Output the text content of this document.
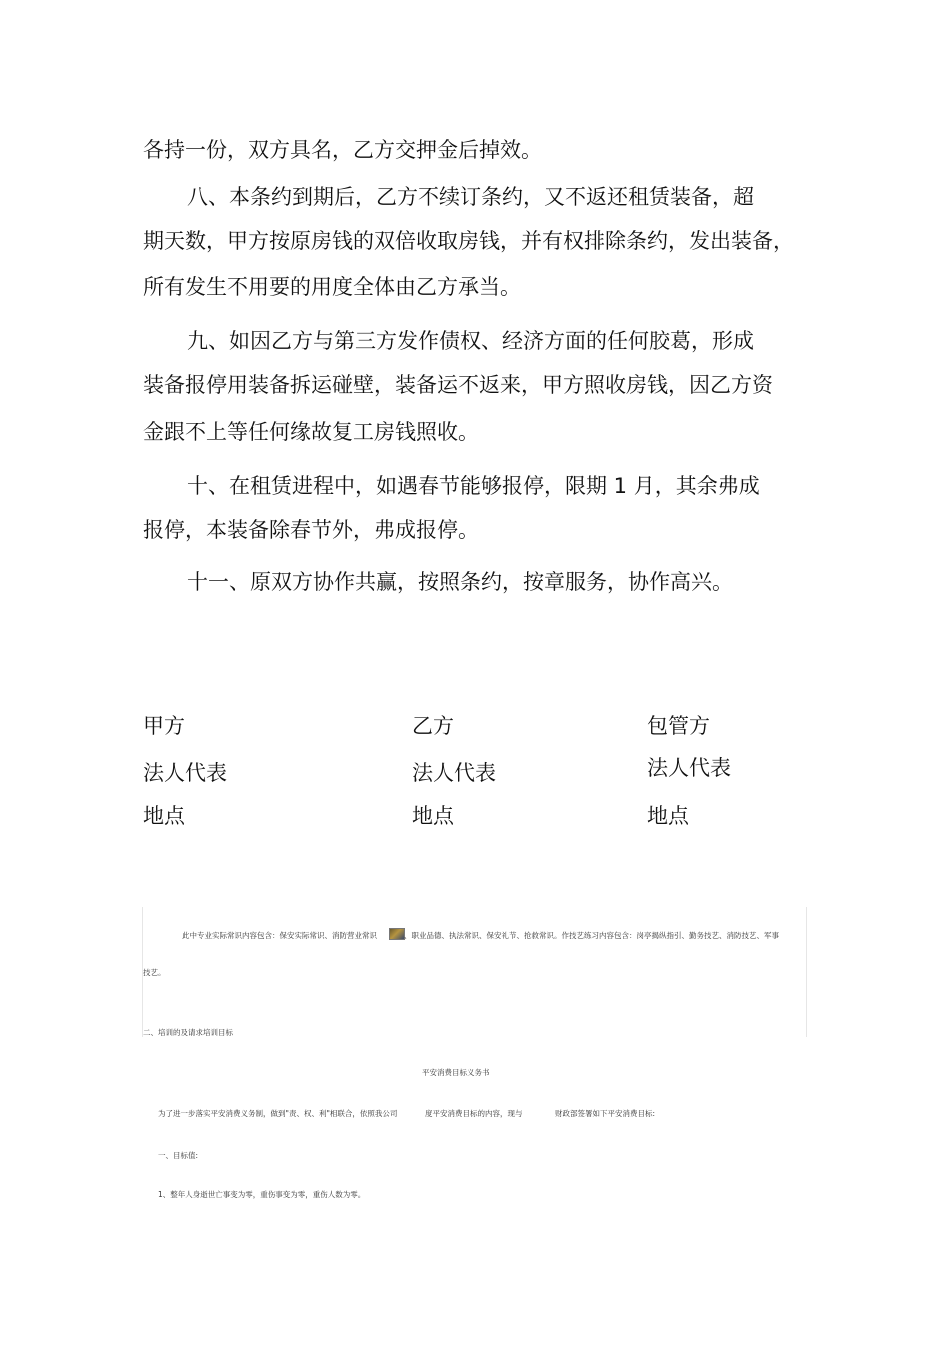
各持一份，双方具名，乙方交押金后掉效。
八、本条约到期后，乙方不续订条约，又不返还租赁装备，超
期天数，甲方按原房钱的双倍收取房钱，并有权排除条约，发出装备，
所有发生不用要的用度全体由乙方承当。
九、如因乙方与第三方发作债权、经济方面的任何胶葛，形成
装备报停用装备拆运碰壁，装备运不返来，甲方照收房钱，因乙方资
金跟不上等任何缘故复工房钱照收。
十、在租赁进程中，如遇春节能够报停，限期 1 月，其余弗成
报停，本装备除春节外，弗成报停。
十一、原双方协作共赢，按照条约，按章服务，协作高兴。
甲方	乙方	包管方
法人代表	法人代表	法人代表
地点	地点	地点
此中专业实际常识内容包含：保安实际常识、消防营业常识	、职业品德、执法常识、保安礼节、抢救常识。作技艺练习内容包含：岗亭揭纵指引、勤务技艺、消防技艺、军事
技艺。
二、培训的及请求培训目标
平安消费目标义务书
为了进一步落实平安消费义务制，做到"责、权、利"相联合，依照我公司	度平安消费目标的内容，现与	财政部签署如下平安消费目标:
一、目标值:
1、整年人身逝世亡事变为零，重伤事变为零，重伤人数为零。
